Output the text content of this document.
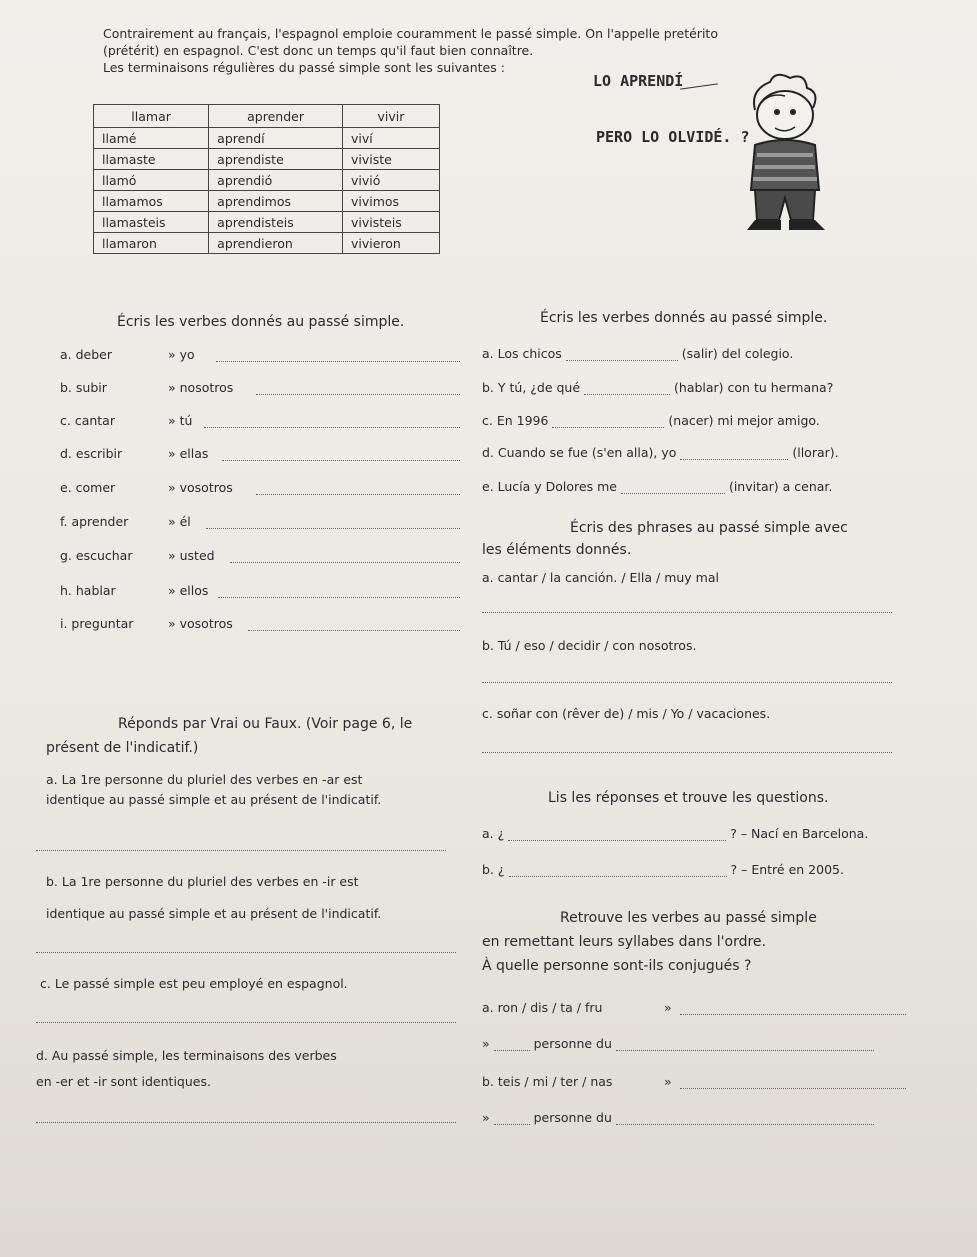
Contrairement au français, l'espagnol emploie couramment le passé simple. On l'appelle pretérito
(prétérit) en espagnol. C'est donc un temps qu'il faut bien connaître.
Les terminaisons régulières du passé simple sont les suivantes :
llamar	aprender	vivir
llamé	aprendí	viví
llamaste	aprendiste	viviste
llamó	aprendió	vivió
llamamos	aprendimos	vivimos
llamasteis	aprendisteis	vivisteis
llamaron	aprendieron	vivieron
LO APRENDÍ
PERO LO OLVIDÉ. ?
Écris les verbes donnés au passé simple.
a. deber	» yo
b. subir	» nosotros
c. cantar	» tú
d. escribir	» ellas
e. comer	» vosotros
f. aprender	» él
g. escuchar	» usted
h. hablar	» ellos
i. preguntar	» vosotros
Écris les verbes donnés au passé simple.
a. Los chicos	(salir) del colegio.
b. Y tú, ¿de qué	(hablar) con tu hermana?
c. En 1996	(nacer) mi mejor amigo.
d. Cuando se fue (s'en alla), yo	(llorar).
e. Lucía y Dolores me	(invitar) a cenar.
Écris des phrases au passé simple avec
les éléments donnés.
a. cantar / la canción. / Ella / muy mal
b. Tú / eso / decidir / con nosotros.
c. soñar con (rêver de) / mis / Yo / vacaciones.
Réponds par Vrai ou Faux. (Voir page 6, le
présent de l'indicatif.)
a. La 1re personne du pluriel des verbes en -ar est
identique au passé simple et au présent de l'indicatif.
b. La 1re personne du pluriel des verbes en -ir est
identique au passé simple et au présent de l'indicatif.
c. Le passé simple est peu employé en espagnol.
d. Au passé simple, les terminaisons des verbes
en -er et -ir sont identiques.
Lis les réponses et trouve les questions.
a. ¿	? – Nací en Barcelona.
b. ¿	? – Entré en 2005.
Retrouve les verbes au passé simple
en remettant leurs syllabes dans l'ordre.
À quelle personne sont-ils conjugués ?
a. ron / dis / ta / fru	»
»	personne du
b. teis / mi / ter / nas	»
»	personne du
